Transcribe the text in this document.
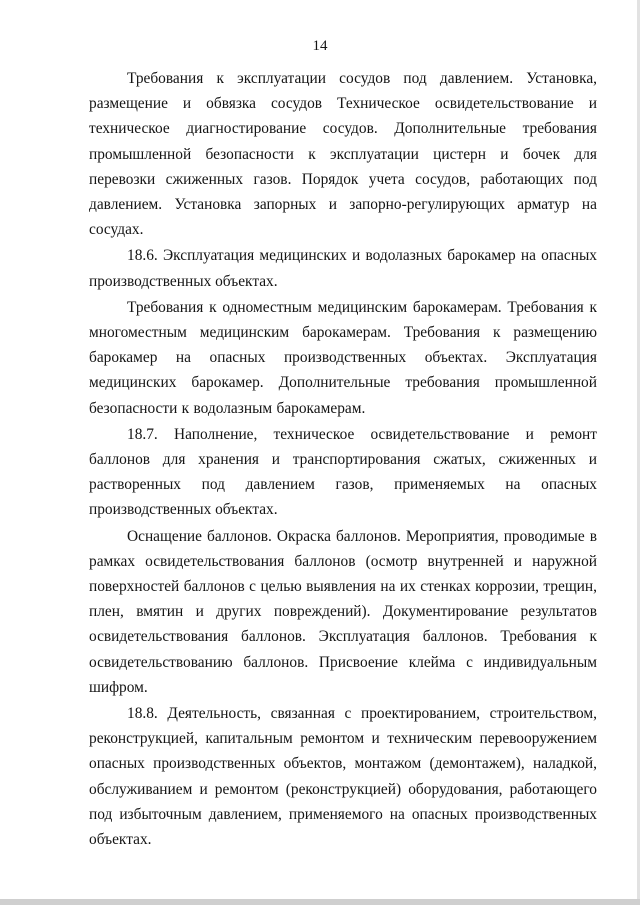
14

Требования к эксплуатации сосудов под давлением. Установка, размещение и обвязка сосудов Техническое освидетельствование и техническое диагностирование сосудов. Дополнительные требования промышленной безопасности к эксплуатации цистерн и бочек для перевозки сжиженных газов. Порядок учета сосудов, работающих под давлением. Установка запорных и запорно-регулирующих арматур на сосудах.

18.6. Эксплуатация медицинских и водолазных барокамер на опасных производственных объектах.

Требования к одноместным медицинским барокамерам. Требования к многоместным медицинским барокамерам. Требования к размещению барокамер на опасных производственных объектах. Эксплуатация медицинских барокамер. Дополнительные требования промышленной безопасности к водолазным барокамерам.

18.7. Наполнение, техническое освидетельствование и ремонт баллонов для хранения и транспортирования сжатых, сжиженных и растворенных под давлением газов, применяемых на опасных производственных объектах.

Оснащение баллонов. Окраска баллонов. Мероприятия, проводимые в рамках освидетельствования баллонов (осмотр внутренней и наружной поверхностей баллонов с целью выявления на их стенках коррозии, трещин, плен, вмятин и других повреждений). Документирование результатов освидетельствования баллонов. Эксплуатация баллонов. Требования к освидетельствованию баллонов. Присвоение клейма с индивидуальным шифром.

18.8. Деятельность, связанная с проектированием, строительством, реконструкцией, капитальным ремонтом и техническим перевооружением опасных производственных объектов, монтажом (демонтажем), наладкой, обслуживанием и ремонтом (реконструкцией) оборудования, работающего под избыточным давлением, применяемого на опасных производственных объектах.
